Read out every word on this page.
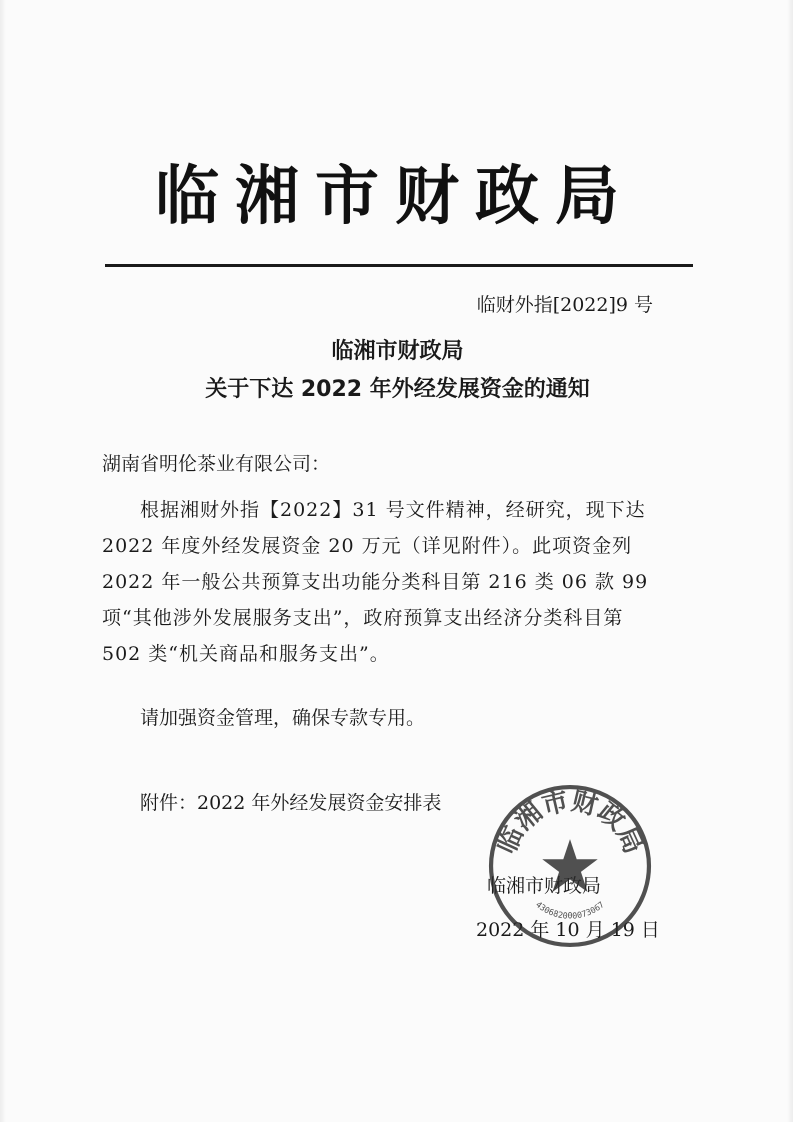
临湘市财政局
临财外指[2022]9 号
临湘市财政局
关于下达 2022 年外经发展资金的通知
湖南省明伦茶业有限公司：
根据湘财外指【2022】31 号文件精神，经研究，现下达 2022 年度外经发展资金 20 万元（详见附件）。此项资金列 2022 年一般公共预算支出功能分类科目第 216 类 06 款 99 项“其他涉外发展服务支出”，政府预算支出经济分类科目第 502 类“机关商品和服务支出”。
请加强资金管理，确保专款专用。
附件：2022 年外经发展资金安排表
临湘市财政局
2022 年 10 月 19 日
临湘市财政局
430682000073067
